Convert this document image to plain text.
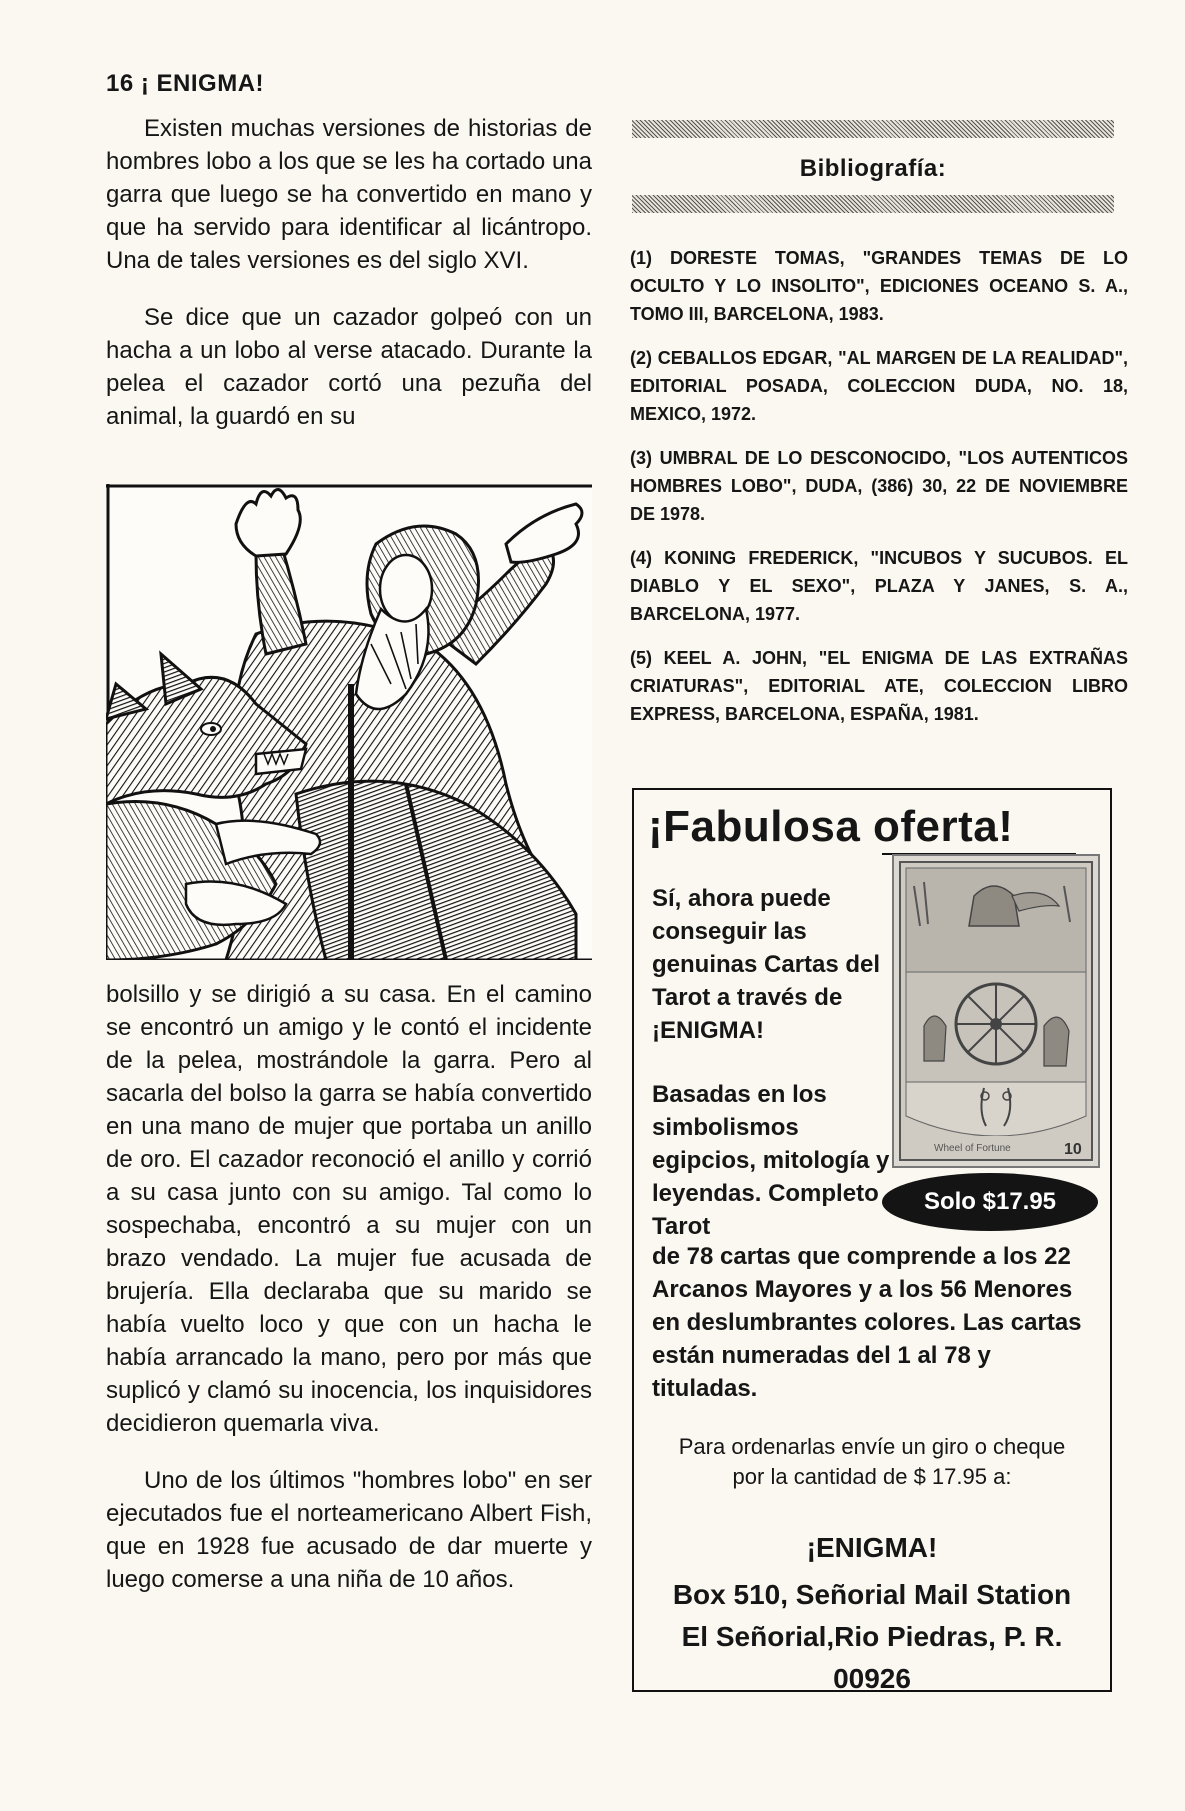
16 ¡ ENIGMA!

Existen muchas versiones de historias de hombres lobo a los que se les ha cortado una garra que luego se ha convertido en mano y que ha servido para identificar al licántropo. Una de tales versiones es del siglo XVI.

Se dice que un cazador golpeó con un hacha a un lobo al verse atacado. Durante la pelea el cazador cortó una pezuña del animal, la guardó en su

bolsillo y se dirigió a su casa. En el camino se encontró un amigo y le contó el incidente de la pelea, mostrándole la garra. Pero al sacarla del bolso la garra se había convertido en una mano de mujer que portaba un anillo de oro. El cazador reconoció el anillo y corrió a su casa junto con su amigo. Tal como lo sospechaba, encontró a su mujer con un brazo vendado. La mujer fue acusada de brujería. Ella declaraba que su marido se había vuelto loco y que con un hacha le había arrancado la mano, pero por más que suplicó y clamó su inocencia, los inquisidores decidieron quemarla viva.

Uno de los últimos "hombres lobo" en ser ejecutados fue el norteamericano Albert Fish, que en 1928 fue acusado de dar muerte y luego comerse a una niña de 10 años.

Bibliografía:
(1) DORESTE TOMAS, "GRANDES TEMAS DE LO OCULTO Y LO INSOLITO", EDICIONES OCEANO S. A., TOMO III, BARCELONA, 1983.
(2) CEBALLOS EDGAR, "AL MARGEN DE LA REALIDAD", EDITORIAL POSADA, COLECCION DUDA, NO. 18, MEXICO, 1972.
(3) UMBRAL DE LO DESCONOCIDO, "LOS AUTENTICOS HOMBRES LOBO", DUDA, (386) 30, 22 DE NOVIEMBRE DE 1978.
(4) KONING FREDERICK, "INCUBOS Y SUCUBOS. EL DIABLO Y EL SEXO", PLAZA Y JANES, S. A., BARCELONA, 1977.
(5) KEEL A. JOHN, "EL ENIGMA DE LAS EXTRAÑAS CRIATURAS", EDITORIAL ATE, COLECCION LIBRO EXPRESS, BARCELONA, ESPAÑA, 1981.
¡Fabulosa oferta!
Sí, ahora puede conseguir las genuinas Cartas del Tarot a través de ¡ENIGMA!
Wheel of Fortune	10
Basadas en los simbolismos egipcios, mitología y leyendas. Completo Tarot
Solo $17.95
de 78 cartas que comprende a los 22 Arcanos Mayores y a los 56 Menores en deslumbrantes colores. Las cartas están numeradas del 1 al 78 y tituladas.
Para ordenarlas envíe un giro o cheque por la cantidad de $ 17.95 a:
¡ENIGMA!
Box 510, Señorial Mail Station
El Señorial,Rio Piedras, P. R.
00926
